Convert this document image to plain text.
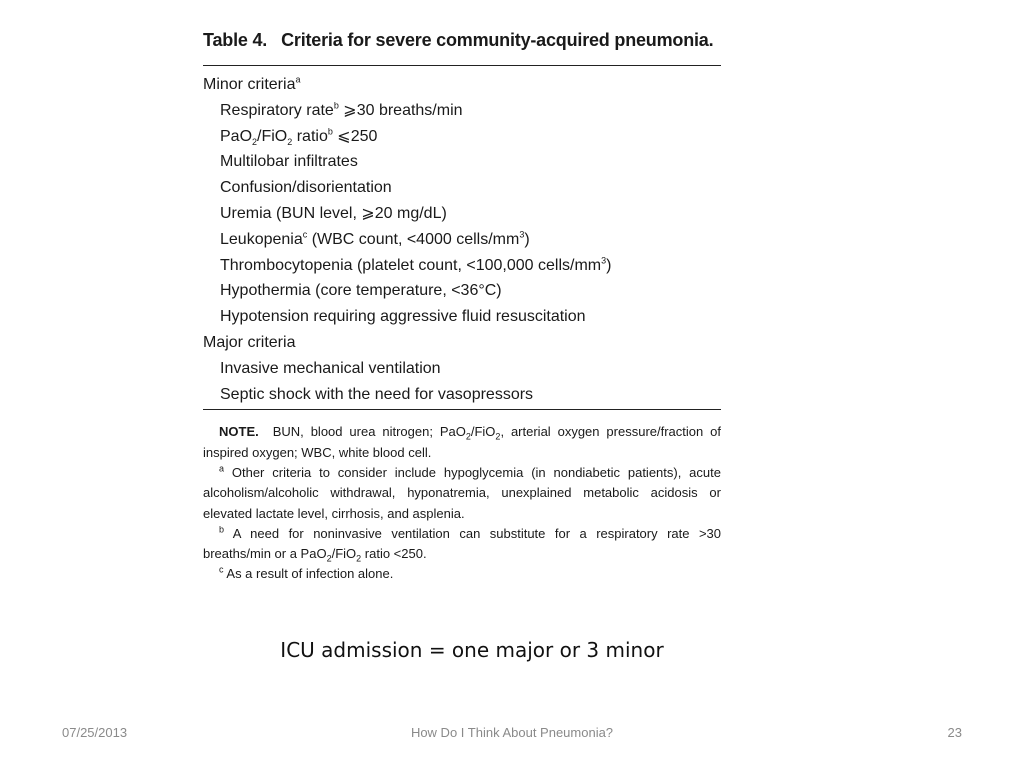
Table 4. Criteria for severe community-acquired pneumonia.
Minor criteria$^a$
Respiratory rate$^b$ ⩾30 breaths/min
PaO$_2$/FiO$_2$ ratio$^b$ ⩽250
Multilobar infiltrates
Confusion/disorientation
Uremia (BUN level, ⩾20 mg/dL)
Leukopenia$^c$ (WBC count, <4000 cells/$mm^3$)
Thrombocytopenia (platelet count, <100,000 cells/$mm^3$)
Hypothermia (core temperature, <36°C)
Hypotension requiring aggressive fluid resuscitation
Major criteria
Invasive mechanical ventilation
Septic shock with the need for vasopressors

NOTE. BUN, blood urea nitrogen; PaO$_2$/FiO$_2$, arterial oxygen pressure/fraction of inspired oxygen; WBC, white blood cell.

$^a$ Other criteria to consider include hypoglycemia (in nondiabetic patients), acute alcoholism/alcoholic withdrawal, hyponatremia, unexplained metabolic acidosis or elevated lactate level, cirrhosis, and asplenia.

$^b$ A need for noninvasive ventilation can substitute for a respiratory rate >30 breaths/min or a PaO$_2$/FiO$_2$ ratio <250.

$^c$ As a result of infection alone.

ICU admission = one major or 3 minor
07/25/2013	How Do I Think About Pneumonia?	23
